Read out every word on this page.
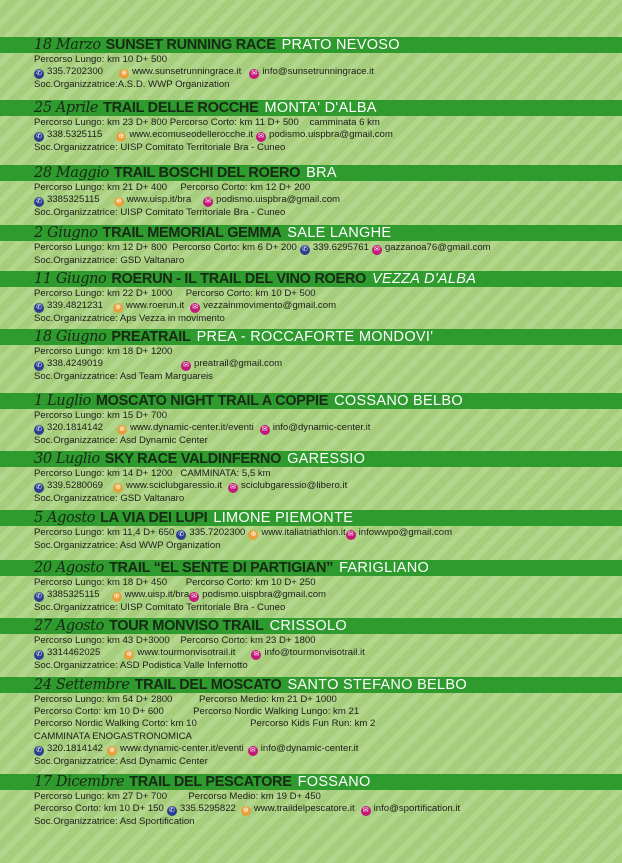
18 Marzo SUNSET RUNNING RACE PRATO NEVOSO
Percorso Lungo: km 10 D+ 500
✆ 335.7202300	⊕ www.sunsetrunningrace.it ✉ info@sunsetrunningrace.it
Soc.Organizzatrice:A.S.D. WWP Organization
25 Aprile TRAIL DELLE ROCCHE MONTA' D'ALBA
Percorso Lungo: km 23 D+ 800 Percorso Corto: km 11 D+ 500    camminata 6 km
✆ 338.5325115 ⊕ www.ecomuseodellerocche.it ✉ podismo.uispbra@gmail.com
Soc.Organizzatrice: UISP Comitato Territoriale Bra - Cuneo
28 Maggio TRAIL BOSCHI DEL ROERO BRA
Percorso Lungo: km 21 D+ 400     Percorso Corto: km 12 D+ 200
✆ 3385325115 ⊕ www.uisp.it/bra ✉ podismo.uispbra@gmail.com
Soc.Organizzatrice: UISP Comitato Territoriale Bra - Cuneo
2 Giugno TRAIL MEMORIAL GEMMA SALE LANGHE
Percorso Lungo: km 12 D+ 800  Percorso Corto: km 6 D+ 200 ✆ 339.6295761 ✉ gazzanoa76@gmail.com
Soc.Organizzatrice: GSD Valtanaro
11 Giugno ROERUN - IL TRAIL DEL VINO ROERO VEZZA D'ALBA
Percorso Lungo: km 22 D+ 1000     Percorso Corto: km 10 D+ 500
✆ 339.4821231 ⊕ www.roerun.it ✉ vezzainmovimento@gmail.com
Soc.Organizzatrice: Aps Vezza in movimento
18 Giugno PREATRAIL PREA - ROCCAFORTE MONDOVI'
Percorso Lungo: km 18 D+ 1200
✆ 338.4249019	✉ preatrail@gmail.com
Soc.Organizzatrice: Asd Team Marguareis
1 Luglio MOSCATO NIGHT TRAIL A COPPIE COSSANO BELBO
Percorso Lungo: km 15 D+ 700
✆ 320.1814142 ⊕ www.dynamic-center.it/eventi ✉ info@dynamic-center.it
Soc.Organizzatrice: Asd Dynamic Center
30 Luglio SKY RACE VALDINFERNO GARESSIO
Percorso Lungo: km 14 D+ 1200   CAMMINATA: 5,5 km
✆ 339.5280069 ⊕ www.sciclubgaressio.it ✉ sciclubgaressio@libero.it
Soc.Organizzatrice: GSD Valtanaro
5 Agosto LA VIA DEI LUPI LIMONE PIEMONTE
Percorso Lungo: km 11,4 D+ 650 ✆ 335.7202300 ⊕ www.italiatriathlon.it ✉ infowwpo@gmail.com
Soc.Organizzatrice: Asd WWP Organization
20 Agosto TRAIL “EL SENTE DI PARTIGIAN” FARIGLIANO
Percorso Lungo: km 18 D+ 450       Percorso Corto: km 10 D+ 250
✆ 3385325115 ⊕ www.uisp.it/bra ✉ podismo.uispbra@gmail.com
Soc.Organizzatrice: UISP Comitato Territoriale Bra - Cuneo
27 Agosto TOUR MONVISO TRAIL CRISSOLO
Percorso Lungo: km 43 D+3000    Percorso Corto: km 23 D+ 1800
✆ 3314462025	⊕ www.tourmonvisotrail.it	✉ info@tourmonvisotrail.it
Soc.Organizzatrice: ASD Podistica Valle Infernotto
24 Settembre TRAIL DEL MOSCATO SANTO STEFANO BELBO
Percorso Lungo: km 54 D+ 2800          Percorso Medio: km 21 D+ 1000
Percorso Corto: km 10 D+ 600           Percorso Nordic Walking Lungo: km 21
Percorso Nordic Walking Corto: km 10                    Percorso Kids Fun Run: km 2
CAMMINATA ENOGASTRONOMICA
✆ 320.1814142 ⊕ www.dynamic-center.it/eventi ✉ info@dynamic-center.it
Soc.Organizzatrice: Asd Dynamic Center
17 Dicembre TRAIL DEL PESCATORE FOSSANO
Percorso Lungo: km 27 D+ 700        Percorso Medio: km 19 D+ 450
Percorso Corto: km 10 D+ 150 ✆ 335.5295822 ⊕ www.traildelpescatore.it ✉ info@sportification.it
Soc.Organizzatrice: Asd Sportification
